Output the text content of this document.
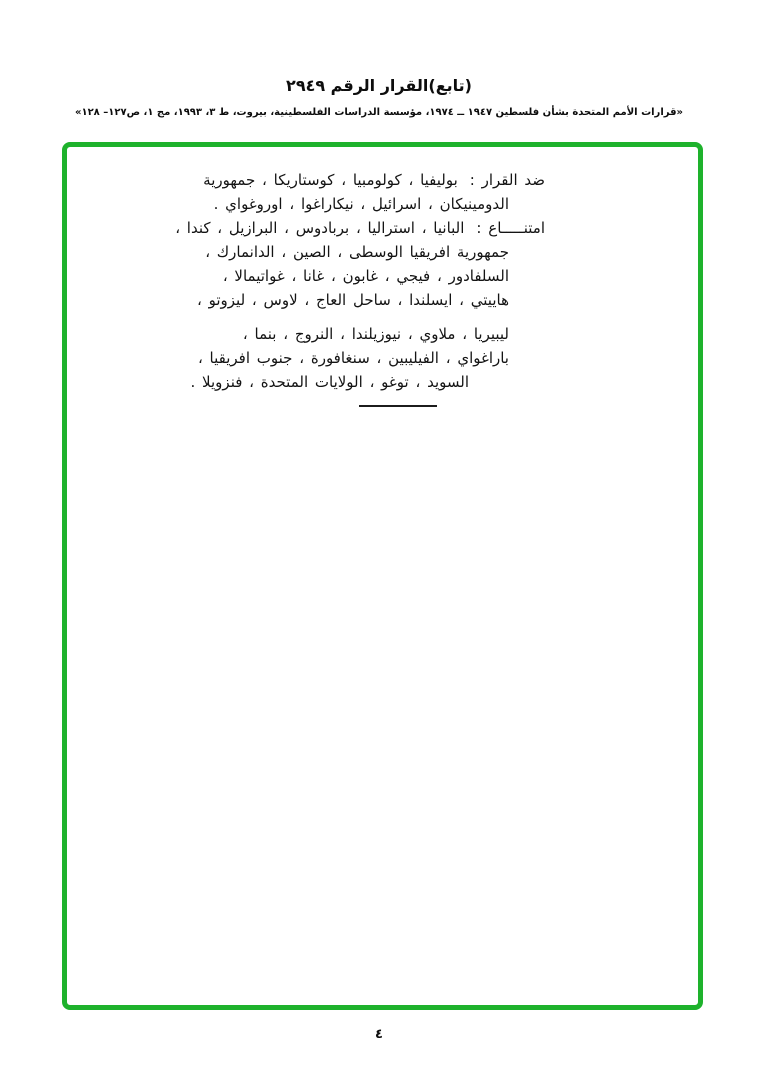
(تابع)القرار الرقم ٢٩٤٩
«قرارات الأمم المتحدة بشأن فلسطين ١٩٤٧ ــ ١٩٧٤، مؤسسة الدراسات الفلسطينية، بيروت، ط ٣، ١٩٩٣، مج ١، ص١٢٧– ١٢٨»
ضد القرار :بوليفيا ، كولومبيا ، كوستاريكا ، جمهورية
الدومينيكان ، اسرائيل ، نيكاراغوا ، اوروغواي .
امتنـــــاع :البانيا ، استراليا ، بربادوس ، البرازيل ، كندا ،
جمهورية افريقيا الوسطى ، الصين ، الدانمارك ،
السلفادور ، فيجي ، غابون ، غانا ، غواتيمالا ،
هاييتي ، ايسلندا ، ساحل العاج ، لاوس ، ليزوتو ،
ليبيريا ، ملاوي ، نيوزيلندا ، النروج ، بنما ،
باراغواي ، الفيليبين ، سنغافورة ، جنوب افريقيا ،
السويد ، توغو ، الولايات المتحدة ، فنزويلا .
٤
